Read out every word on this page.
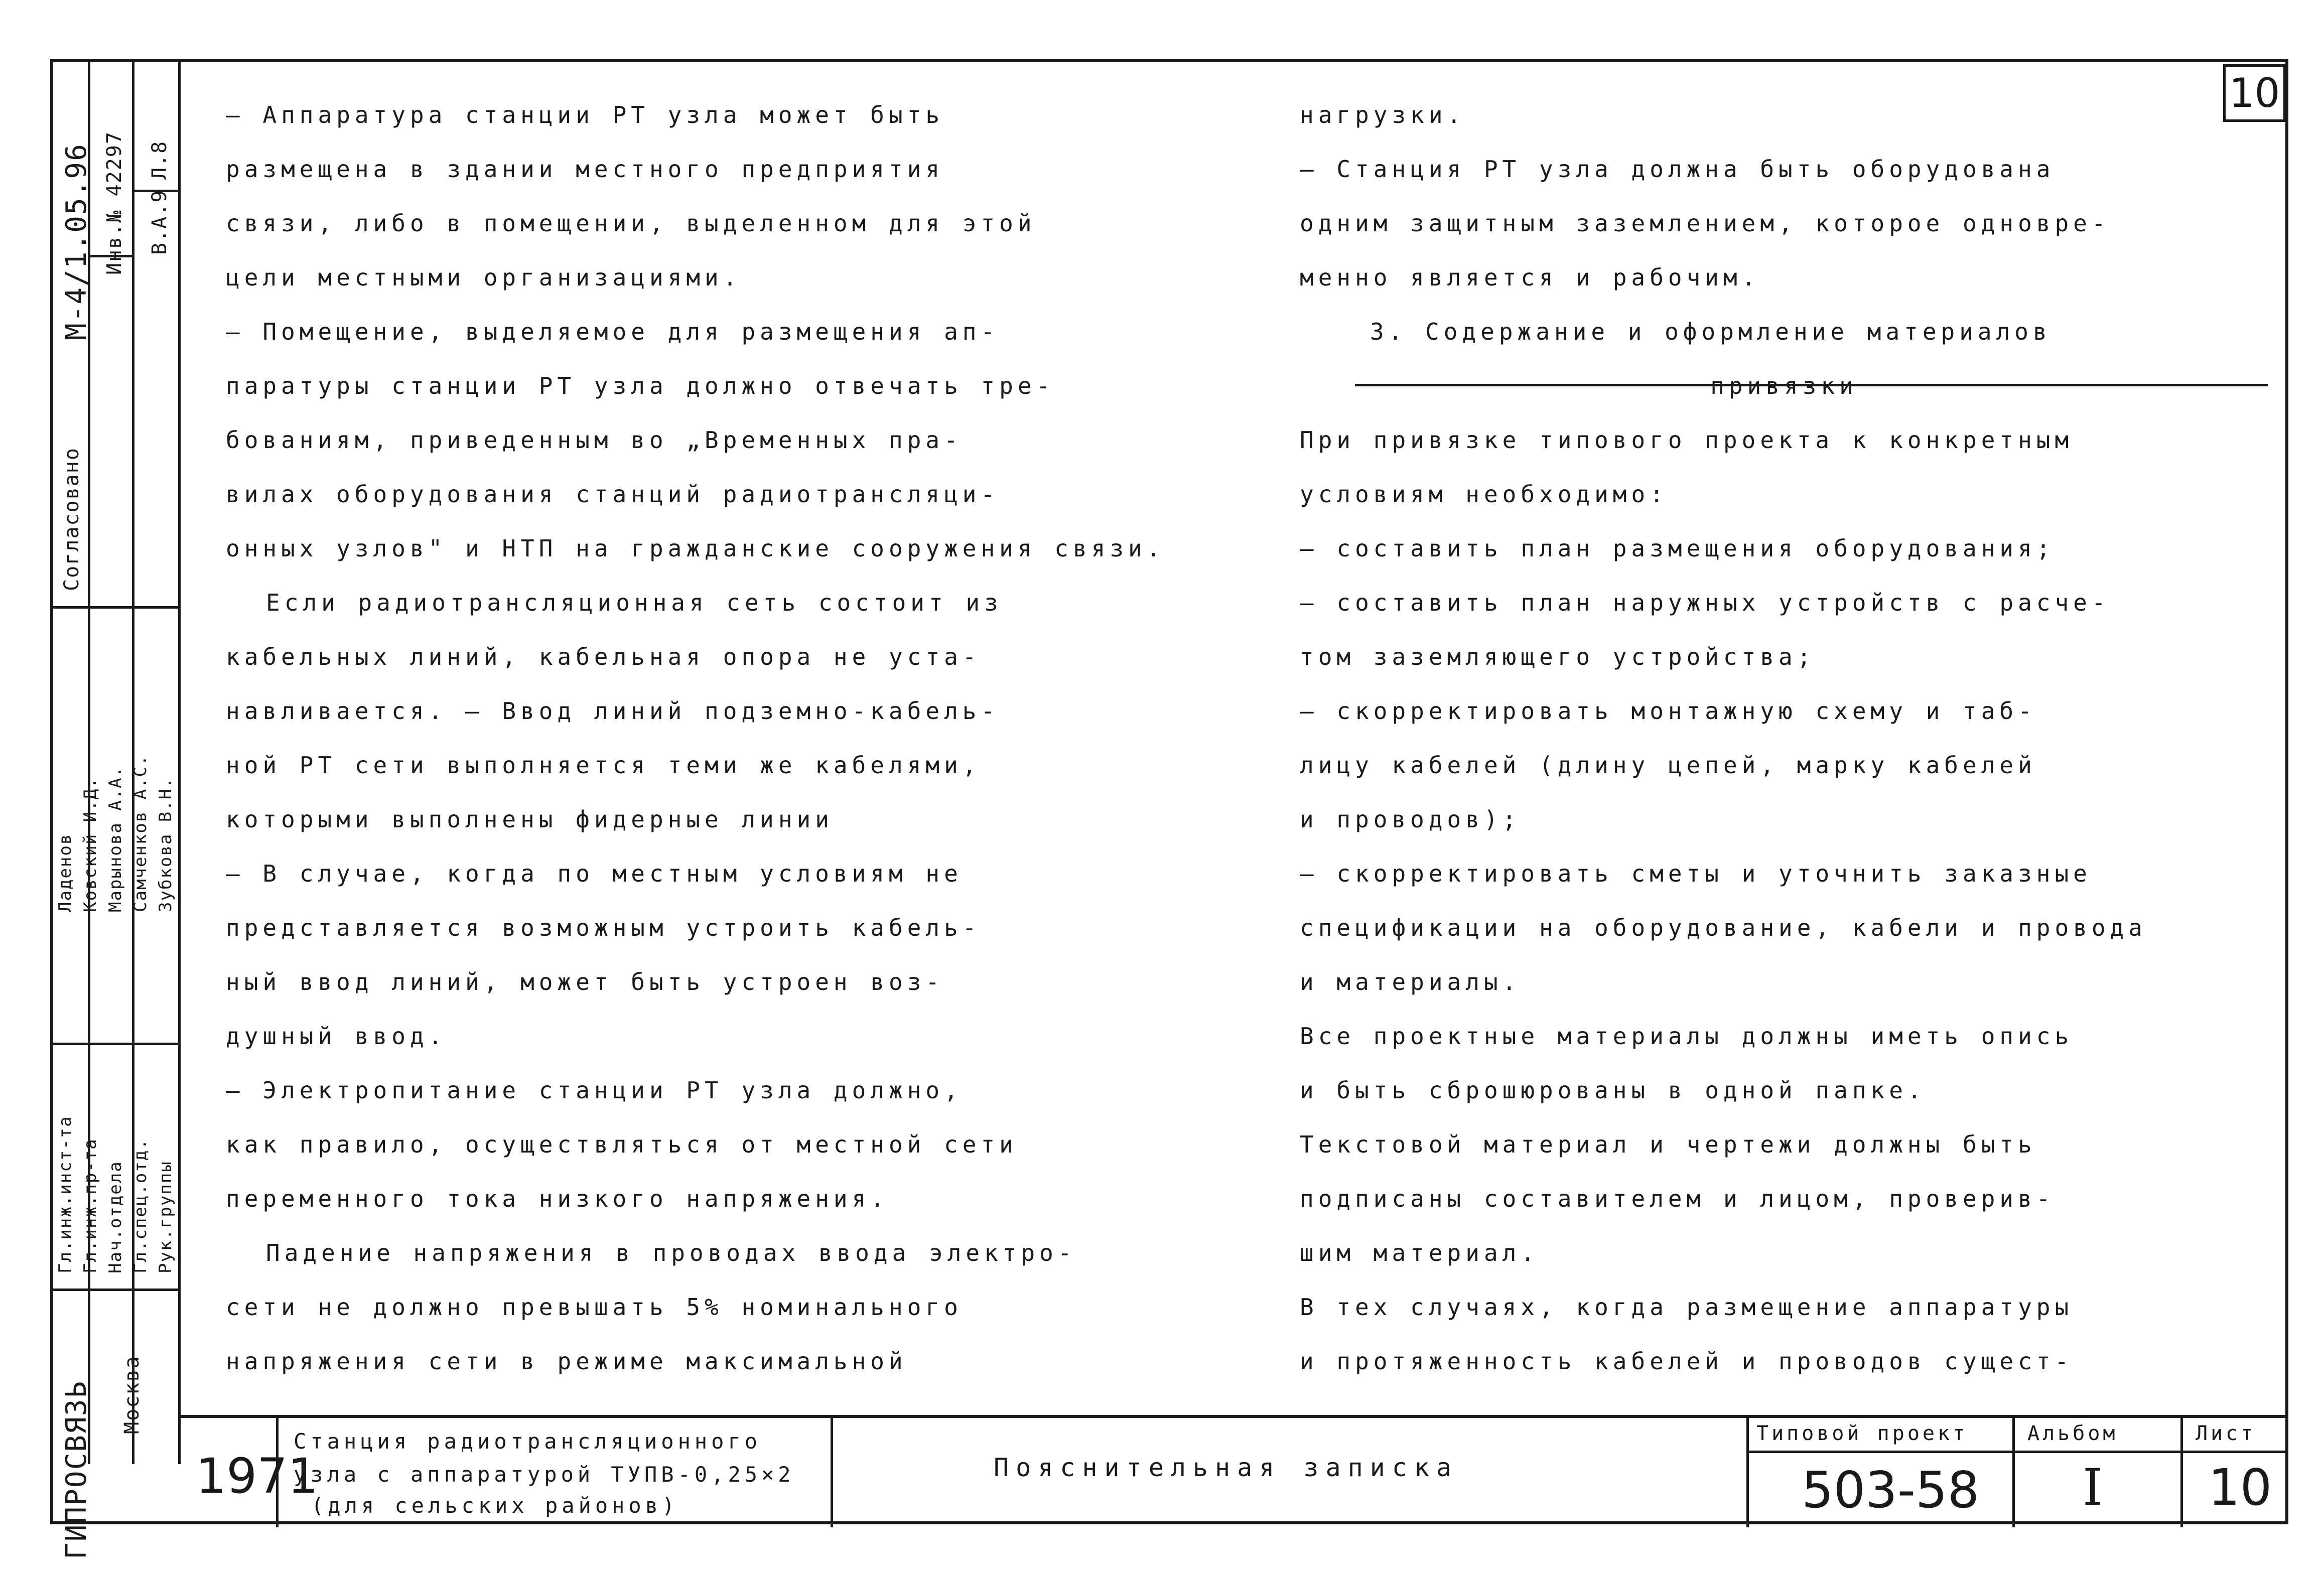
10
ГИПРОСВЯЗЬ Москва
М-4/1.05.96 Инв.№ 42297 В.А.9
Л.8
Согласовано
Гл.инж.инст-та Гл.инж.пр-та Нач.отдела Гл.спец.отд. Рук.группы
Ладенов Ковский И.Д. Марынова А.А. Самченков А.С. Зубкова В.Н.
— Аппаратура станции РТ узла может быть
размещена в здании местного предприятия
связи, либо в помещении, выделенном для этой
цели местными организациями.
— Помещение, выделяемое для размещения ап-
паратуры станции РТ узла должно отвечать тре-
бованиям, приведенным во „Временных пра-
вилах оборудования станций радиотрансляци-
онных узлов" и НТП на гражданские сооружения связи.
Если радиотрансляционная сеть состоит из
кабельных линий, кабельная опора не уста-
навливается. — Ввод линий подземно-кабель-
ной РТ сети выполняется теми же кабелями,
которыми выполнены фидерные линии
— В случае, когда по местным условиям не
представляется возможным устроить кабель-
ный ввод линий, может быть устроен воз-
душный ввод.
— Электропитание станции РТ узла должно,
как правило, осуществляться от местной сети
переменного тока низкого напряжения.
Падение напряжения в проводах ввода электро-
сети не должно превышать 5% номинального
напряжения сети в режиме максимальной
нагрузки.
— Станция РТ узла должна быть оборудована
одним защитным заземлением, которое одновре-
менно является и рабочим.
3. Содержание и оформление материалов
привязки
При привязке типового проекта к конкретным
условиям необходимо:
— составить план размещения оборудования;
— составить план наружных устройств с расче-
том заземляющего устройства;
— скорректировать монтажную схему и таб-
лицу кабелей (длину цепей, марку кабелей
и проводов);
— скорректировать сметы и уточнить заказные
спецификации на оборудование, кабели и провода
и материалы.
Все проектные материалы должны иметь опись
и быть сброшюрованы в одной папке.
Текстовой материал и чертежи должны быть
подписаны составителем и лицом, проверив-
шим материал.
В тех случаях, когда размещение аппаратуры
и протяженность кабелей и проводов сущест-
1971
Станция радиотрансляционного
узла с аппаратурой ТУПВ-0,25×2
(для сельских районов)
Пояснительная записка
Типовой проект
503-58
Альбом
I
Лист
10
